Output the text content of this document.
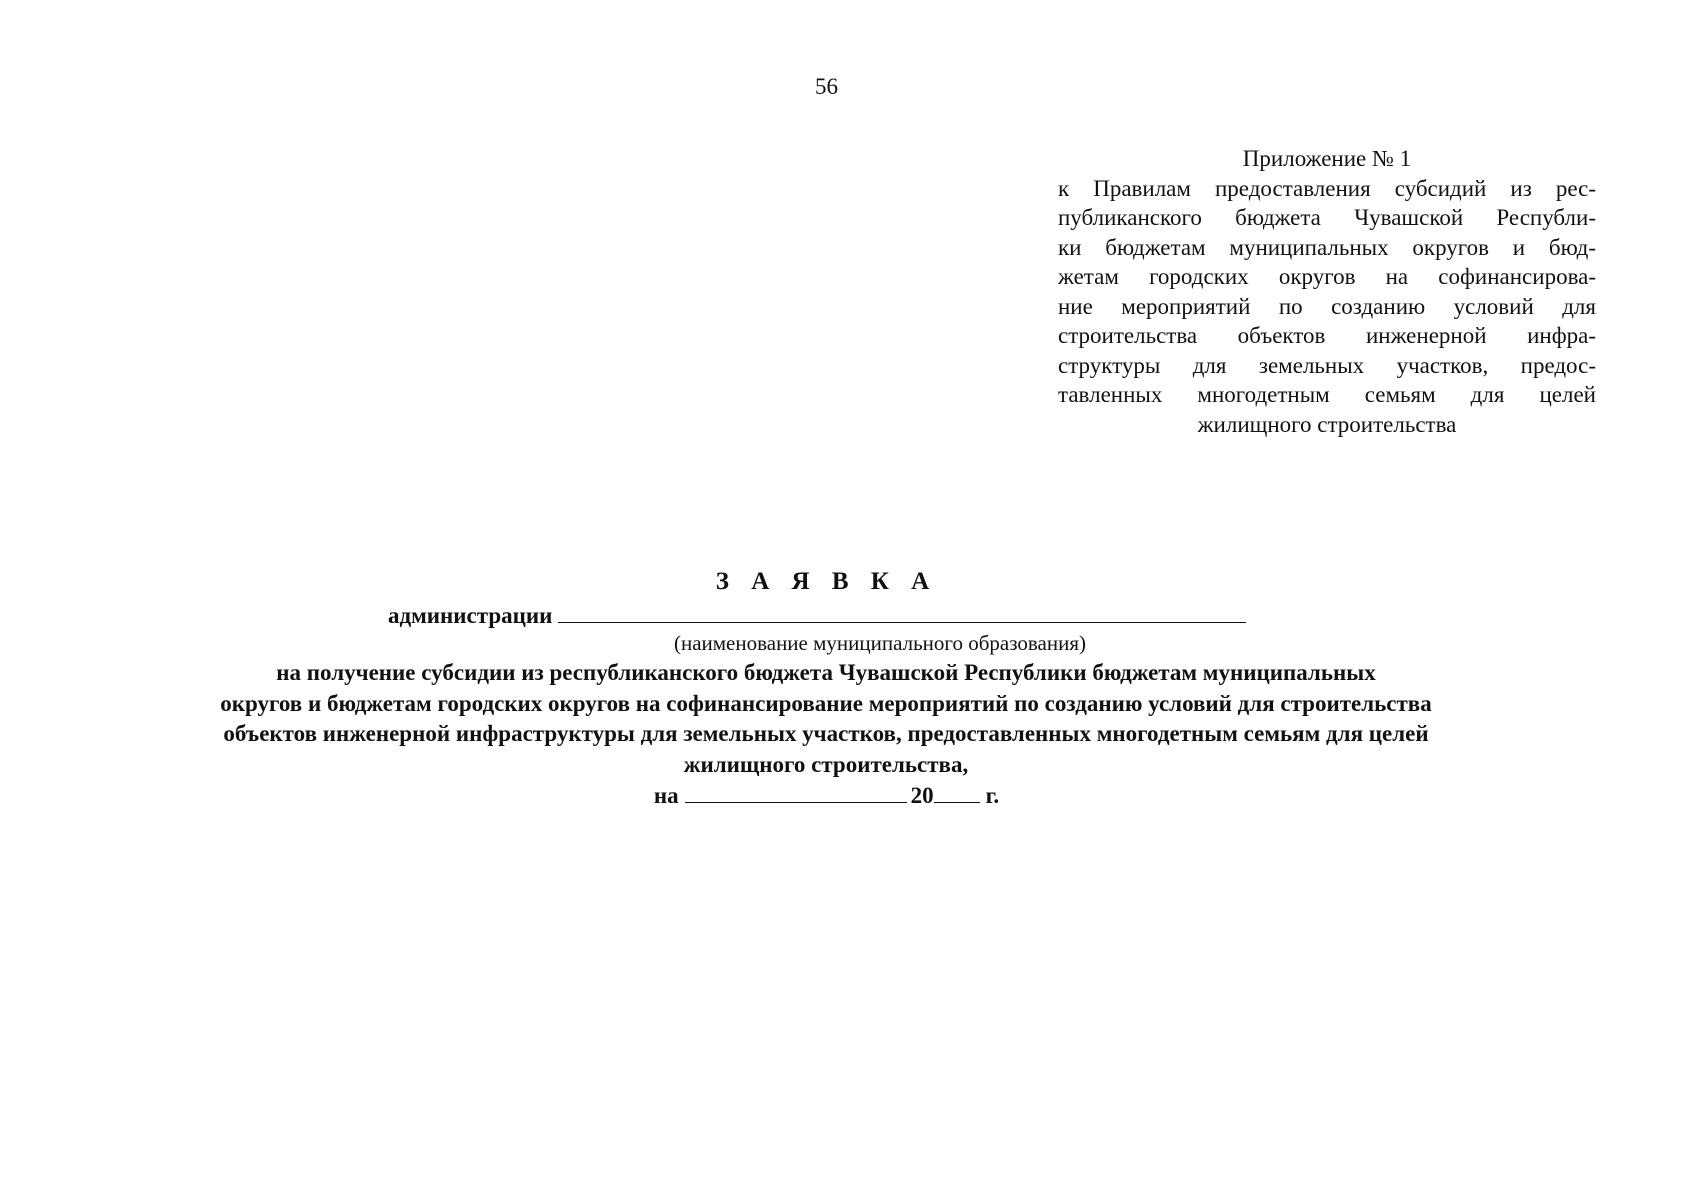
56
Приложение № 1
к Правилам предоставления субсидий из рес-
публиканского бюджета Чувашской Республи-
ки бюджетам муниципальных округов и бюд-
жетам городских округов на софинансирова-
ние мероприятий по созданию условий для
строительства объектов инженерной инфра-
структуры для земельных участков, предос-
тавленных многодетным семьям для целей
жилищного строительства
З А Я В К А
администрации
(наименование муниципального образования)
на получение субсидии из республиканского бюджета Чувашской Республики бюджетам муниципальных
округов и бюджетам городских округов на софинансирование мероприятий по созданию условий для строительства
объектов инженерной инфраструктуры для земельных участков, предоставленных многодетным семьям для целей
жилищного строительства,
на	20 г.
